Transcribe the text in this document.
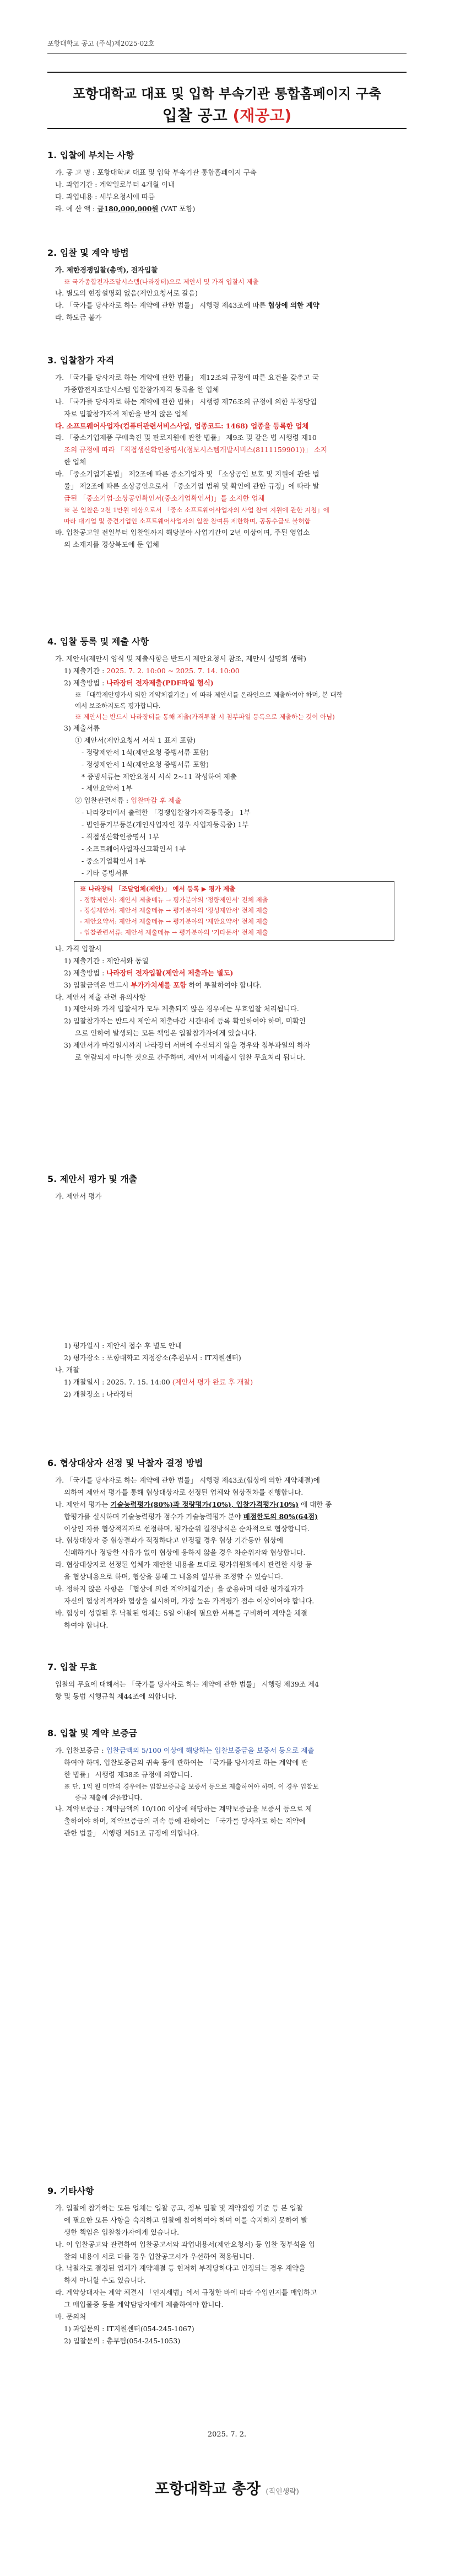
포항대학교 공고 (주식)제2025-02호
포항대학교 대표 및 입학 부속기관 통합홈페이지 구축
입찰 공고 (재공고)
1. 입찰에 부치는 사항
가. 공 고 명 : 포항대학교 대표 및 입학 부속기관 통합홈페이지 구축
나. 과업기간 : 계약일로부터 4개월 이내
다. 과업내용 : 세부요청서에 따름
라. 예 산 액 : 금180,000,000원 (VAT 포함)
2. 입찰 및 계약 방법
가. 제한경쟁입찰(총액), 전자입찰
※ 국가종합전자조달시스템(나라장터)으로 제안서 및 가격 입찰서 제출
나. 별도의 현장설명회 없음(제안요청서로 갈음)
다. 「국가를 당사자로 하는 계약에 관한 법률」 시행령 제43조에 따른 협상에 의한 계약
라. 하도급 불가
3. 입찰참가 자격
가. 「국가를 당사자로 하는 계약에 관한 법률」 제12조의 규정에 따른 요건을 갖추고 국
가종합전자조달시스템 입찰참가자격 등록을 한 업체
나. 「국가를 당사자로 하는 계약에 관한 법률」 시행령 제76조의 규정에 의한 부정당업
자로 입찰참가자격 제한을 받지 않은 업체
다. 소프트웨어사업자(컴퓨터관련서비스사업, 업종코드: 1468) 업종을 등록한 업체
라. 「중소기업제품 구매촉진 및 판로지원에 관한 법률」 제9조 및 같은 법 시행령 제10
조의 규정에 따라 「직접생산확인증명서(정보시스템개발서비스(8111159901))」 소지
한 업체
마. 「중소기업기본법」 제2조에 따른 중소기업자 및 「소상공인 보호 및 지원에 관한 법
률」 제2조에 따른 소상공인으로서 「중소기업 범위 및 확인에 관한 규정」에 따라 발
급된 「중소기업·소상공인확인서(중소기업확인서)」를 소지한 업체
※ 본 입찰은 2천 1만원 이상으로서 「중소 소프트웨어사업자의 사업 참여 지원에 관한 지침」에
따라 대기업 및 중견기업인 소프트웨어사업자의 입찰 참여를 제한하며, 공동수급도 불허함
바. 입찰공고일 전일부터 입찰일까지 해당분야 사업기간이 2년 이상이며, 주된 영업소
의 소재지를 경상북도에 둔 업체
4. 입찰 등록 및 제출 사항
가. 제안서(제안서 양식 및 제출사항은 반드시 제안요청서 참조, 제안서 설명회 생략)
1) 제출기간 : 2025. 7. 2. 10:00 ~ 2025. 7. 14. 10:00
2) 제출방법 : 나라장터 전자제출(PDF파일 형식)
※ 「대학제안평가서 의한 계약체결기준」에 따라 제안서를 온라인으로 제출하여야 하며, 본 대학
에서 보조하지도록 평가합니다.
※ 제안서는 반드시 나라장터를 통해 제출(가격투찰 시 첨부파일 등록으로 제출하는 것이 아님)
3) 제출서류
① 제안서(제안요청서 서식 1 표지 포함)
- 정량제안서 1식(제안요청 증빙서류 포함)
- 정성제안서 1식(제안요청 증빙서류 포함)
* 증빙서류는 제안요청서 서식 2~11 작성하여 제출
- 제안요약서 1부
② 입찰관련서류 : 입찰마감 후 제출
- 나라장터에서 출력한 「경쟁입찰참가자격등록증」 1부
- 법인등기부등본(개인사업자인 경우 사업자등록증) 1부
- 직접생산확인증명서 1부
- 소프트웨어사업자신고확인서 1부
- 중소기업확인서 1부
- 기타 증빙서류
※ 나라장터 「조달업체(제안)」 에서 등록 ▶ 평가 제출
- 정량제안서: 제안서 제출메뉴 → 평가분야의 '정량제안서' 전체 제출
- 정성제안서: 제안서 제출메뉴 → 평가분야의 '정성제안서' 전체 제출
- 제안요약서: 제안서 제출메뉴 → 평가분야의 '제안요약서' 전체 제출
- 입찰관련서류: 제안서 제출메뉴 → 평가분야의 '기타문서' 전체 제출
나. 가격 입찰서
1) 제출기간 : 제안서와 동일
2) 제출방법 : 나라장터 전자입찰(제안서 제출과는 별도)
3) 입찰금액은 반드시 부가가치세를 포함 하여 투찰하여야 합니다.
다. 제안서 제출 관련 유의사항
1) 제안서와 가격 입찰서가 모두 제출되지 않은 경우에는 무효입찰 처리됩니다.
2) 입찰참가자는 반드시 제안서 제출마감 시간내에 등록 확인하여야 하며, 미확인
으로 인하여 발생되는 모든 책임은 입찰참가자에게 있습니다.
3) 제안서가 마감일시까지 나라장터 서버에 수신되지 않을 경우와 첨부파일의 하자
로 열람되지 아니한 것으로 간주하며, 제안서 미제출시 입찰 무효처리 됩니다.
5. 제안서 평가 및 개출
가. 제안서 평가
1) 평가일시 : 제안서 접수 후 별도 안내
2) 평가장소 : 포항대학교 지정장소(추천부서 : IT지원센터)
나. 개찰
1) 개찰일시 : 2025. 7. 15. 14:00 (제안서 평가 완료 후 개찰)
2) 개찰장소 : 나라장터
6. 협상대상자 선정 및 낙찰자 결정 방법
가. 「국가를 당사자로 하는 계약에 관한 법률」 시행령 제43조(협상에 의한 계약체결)에
의하여 제안서 평가를 통해 협상대상자로 선정된 업체와 협상절차를 진행합니다.
나. 제안서 평가는 기술능력평가(80%)과 정량평가(10%), 입찰가격평가(10%) 에 대한 종
합평가를 실시하며 기술능력평가 점수가 기술능력평가 분야 배점한도의 80%(64점)
이상인 자를 협상적격자로 선정하며, 평가순위 결정방식은 순차적으로 협상합니다.
다. 협상대상자 중 협상결과가 적정하다고 인정될 경우 협상 기간동안 협상에
실패하거나 정당한 사유가 없이 협상에 응하지 않을 경우 차순위자와 협상합니다.
라. 협상대상자로 선정된 업체가 제안한 내용을 토대로 평가위원회에서 관련한 사항 등
을 협상내용으로 하며, 협상을 통해 그 내용의 일부를 조정할 수 있습니다.
마. 정하지 않은 사항은 「협상에 의한 계약체결기준」을 준용하며 대한 평가결과가
자신의 협상적격자와 협상을 실시하며, 가장 높은 가격평가 점수 이상이어야 합니다.
바. 협상이 성립된 후 낙찰된 업체는 5일 이내에 필요한 서류를 구비하여 계약을 체결
하여야 합니다.
7. 입찰 무효
입찰의 무효에 대해서는 「국가를 당사자로 하는 계약에 관한 법률」 시행령 제39조 제4
항 및 동법 시행규칙 제44조에 의합니다.
8. 입찰 및 계약 보증금
가. 입찰보증금 : 입찰금액의 5/100 이상에 해당하는 입찰보증금을 보증서 등으로 제출
하여야 하며, 입찰보증금의 귀속 등에 관하여는 「국가를 당사자로 하는 계약에 관
한 법률」 시행령 제38조 규정에 의합니다.
※ 단, 1억 원 미만의 경우에는 입찰보증금을 보증서 등으로 제출하여야 하며, 이 경우 입찰보
증금 제출에 갈음합니다.
나. 계약보증금 : 계약금액의 10/100 이상에 해당하는 계약보증금을 보증서 등으로 제
출하여야 하며, 계약보증금의 귀속 등에 관하여는 「국가를 당사자로 하는 계약에
관한 법률」 시행령 제51조 규정에 의합니다.
9. 기타사항
가. 입찰에 참가하는 모든 업체는 입찰 공고, 정부 입찰 및 계약집행 기준 등 본 입찰
에 필요한 모든 사항을 숙지하고 입찰에 참여하여야 하며 이를 숙지하지 못하여 발
생한 책임은 입찰참가자에게 있습니다.
나. 이 입찰공고와 관련하여 입찰공고서와 과업내용서(제안요청서) 등 입찰 정부석을 입
찰의 내용이 서로 다를 경우 입찰공고서가 우선하여 적용됩니다.
다. 낙찰자로 결정된 업체가 계약체결 등 현저히 부적당하다고 인정되는 경우 계약을
하지 아니할 수도 있습니다.
라. 계약상대자는 계약 체결시 「인지세법」에서 규정한 바에 따라 수입인지를 매입하고
그 매입물증 등을 계약담당자에게 제출하여야 합니다.
마. 문의처
1) 과업문의 : IT지원센터(054-245-1067)
2) 입찰문의 : 총무팀(054-245-1053)
2025. 7. 2.
포항대학교 총장 (직인생략)
